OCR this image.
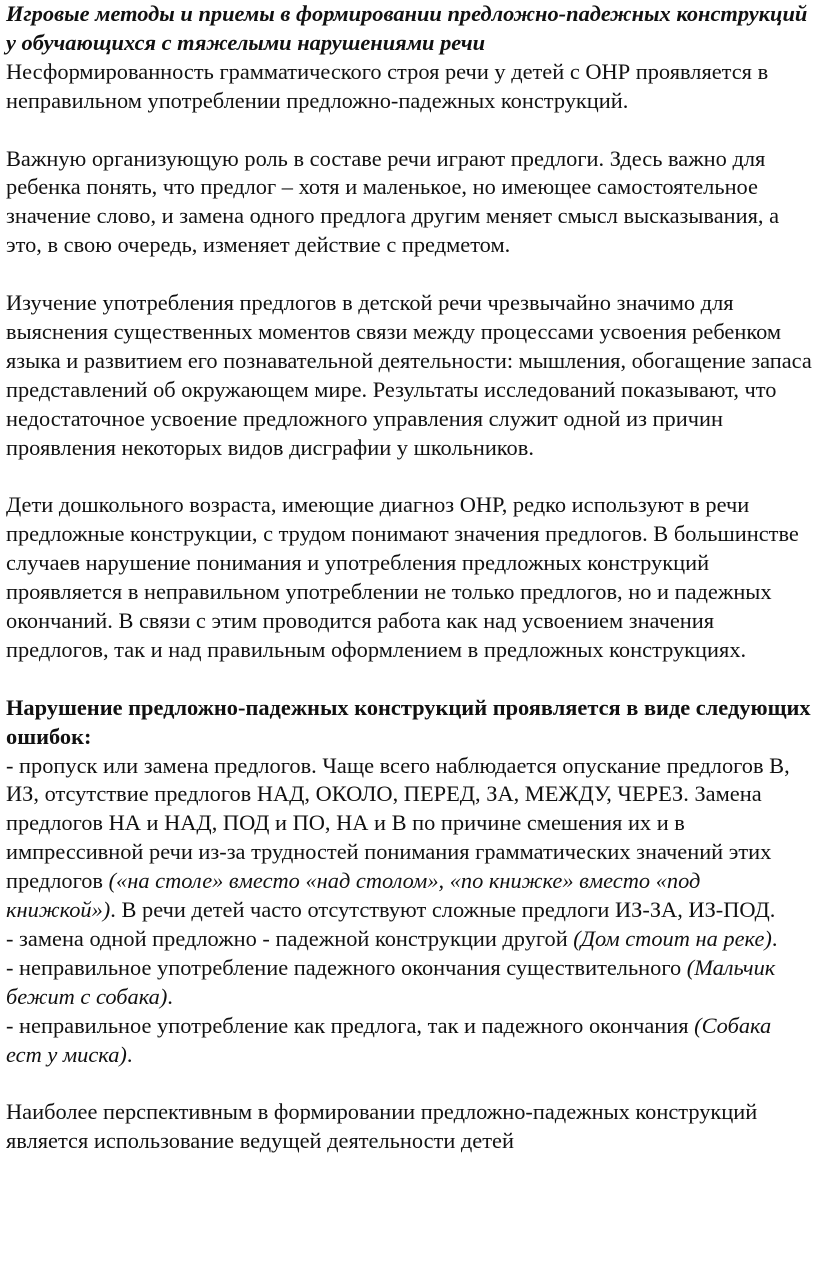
Игровые методы и приемы в формировании предложно-падежных конструкций у обучающихся с тяжелыми нарушениями речи
Несформированность грамматического строя речи у детей с ОНР проявляется в неправильном употреблении предложно-падежных конструкций.

Важную организующую роль в составе речи играют предлоги. Здесь важно для ребенка понять, что предлог – хотя и маленькое, но имеющее самостоятельное значение слово, и замена одного предлога другим меняет смысл высказывания, а это, в свою очередь, изменяет действие с предметом.

Изучение употребления предлогов в детской речи чрезвычайно значимо для выяснения существенных моментов связи между процессами усвоения ребенком языка и развитием его познавательной деятельности: мышления, обогащение запаса представлений об окружающем мире. Результаты исследований показывают, что недостаточное усвоение предложного управления служит одной из причин проявления некоторых видов дисграфии у школьников.

Дети дошкольного возраста, имеющие диагноз ОНР, редко используют в речи предложные конструкции, с трудом понимают значения предлогов. В большинстве случаев нарушение понимания и употребления предложных конструкций проявляется в неправильном употреблении не только предлогов, но и падежных окончаний. В связи с этим проводится работа как над усвоением значения предлогов, так и над правильным оформлением в предложных конструкциях.

Нарушение предложно-падежных конструкций проявляется в виде следующих ошибок:
- пропуск или замена предлогов. Чаще всего наблюдается опускание предлогов В, ИЗ, отсутствие предлогов НАД, ОКОЛО, ПЕРЕД, ЗА, МЕЖДУ, ЧЕРЕЗ. Замена предлогов НА и НАД, ПОД и ПО, НА и В по причине смешения их и в импрессивной речи из-за трудностей понимания грамматических значений этих предлогов («на столе» вместо «над столом», «по книжке» вместо «под книжкой»). В речи детей часто отсутствуют сложные предлоги ИЗ-ЗА, ИЗ-ПОД.
- замена одной предложно - падежной конструкции другой (Дом стоит на реке).
- неправильное употребление падежного окончания существительного (Мальчик бежит с собака).
- неправильное употребление как предлога, так и падежного окончания (Собака ест у миска).

Наиболее перспективным в формировании предложно-падежных конструкций является использование ведущей деятельности детей
